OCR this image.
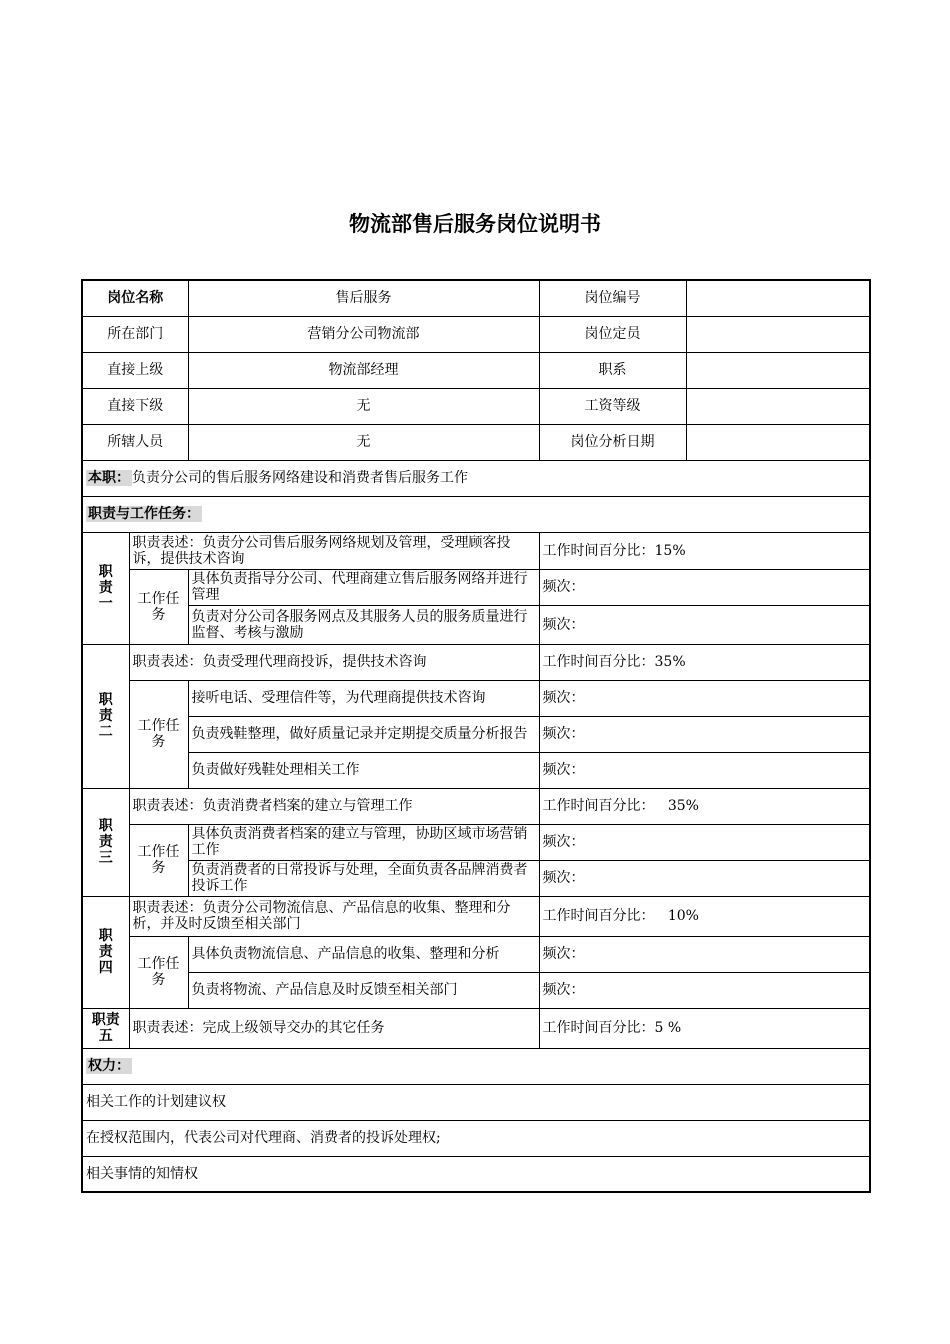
物流部售后服务岗位说明书
岗位名称		售后服务	岗位编号	
所在部门		营销分公司物流部	岗位定员	
直接上级		物流部经理	职系	
直接下级		无	工资等级	
所辖人员		无	岗位分析日期	
本职： 负责分公司的售后服务网络建设和消费者售后服务工作				
职责与工作任务：				
职
责
一	职责表述：负责分公司售后服务网络规划及管理，受理顾客投诉，提供技术咨询		工作时间百分比：15%	
	工作任务	具体负责指导分公司、代理商建立售后服务网络并进行管理	频次：	
		负责对分公司各服务网点及其服务人员的服务质量进行监督、考核与激励	频次：	
职
责
二	职责表述：负责受理代理商投诉，提供技术咨询		工作时间百分比：35%	
	工作任务	接听电话、受理信件等，为代理商提供技术咨询	频次：	
		负责残鞋整理，做好质量记录并定期提交质量分析报告	频次：	
		负责做好残鞋处理相关工作	频次：	
职
责
三	职责表述：负责消费者档案的建立与管理工作		工作时间百分比：   35%	
	工作任务	具体负责消费者档案的建立与管理，协助区域市场营销工作	频次：	
		负责消费者的日常投诉与处理，全面负责各品牌消费者投诉工作	频次：	
职
责
四	职责表述：负责分公司物流信息、产品信息的收集、整理和分析，并及时反馈至相关部门		工作时间百分比：   10%	
	工作任务	具体负责物流信息、产品信息的收集、整理和分析	频次：	
		负责将物流、产品信息及时反馈至相关部门	频次：	
职责
五	职责表述：完成上级领导交办的其它任务		工作时间百分比：5 %	
权力：				
相关工作的计划建议权				
在授权范围内，代表公司对代理商、消费者的投诉处理权;				
相关事情的知情权				
